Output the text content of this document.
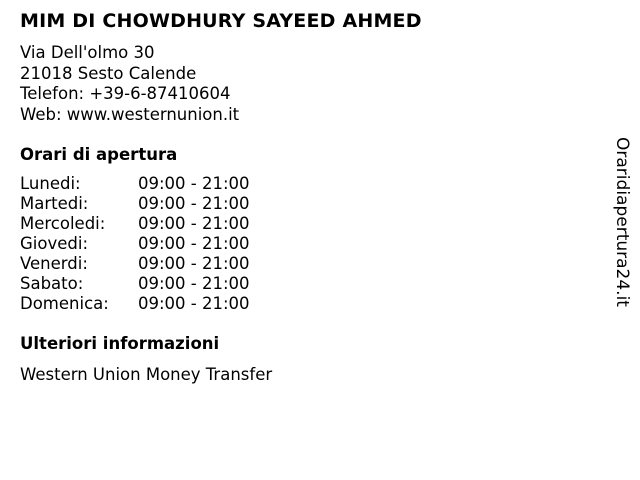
MIM DI CHOWDHURY SAYEED AHMED
Via Dell'olmo 30
21018 Sesto Calende
Telefon: +39-6-87410604
Web: www.westernunion.it
Orari di apertura
Lunedi:	09:00 - 21:00
Martedi:	09:00 - 21:00
Mercoledi: 09:00 - 21:00
Giovedi:	09:00 - 21:00
Venerdi:	09:00 - 21:00
Sabato:	09:00 - 21:00
Domenica: 09:00 - 21:00
Ulteriori informazioni
Western Union Money Transfer
Oraridiapertura24.it
